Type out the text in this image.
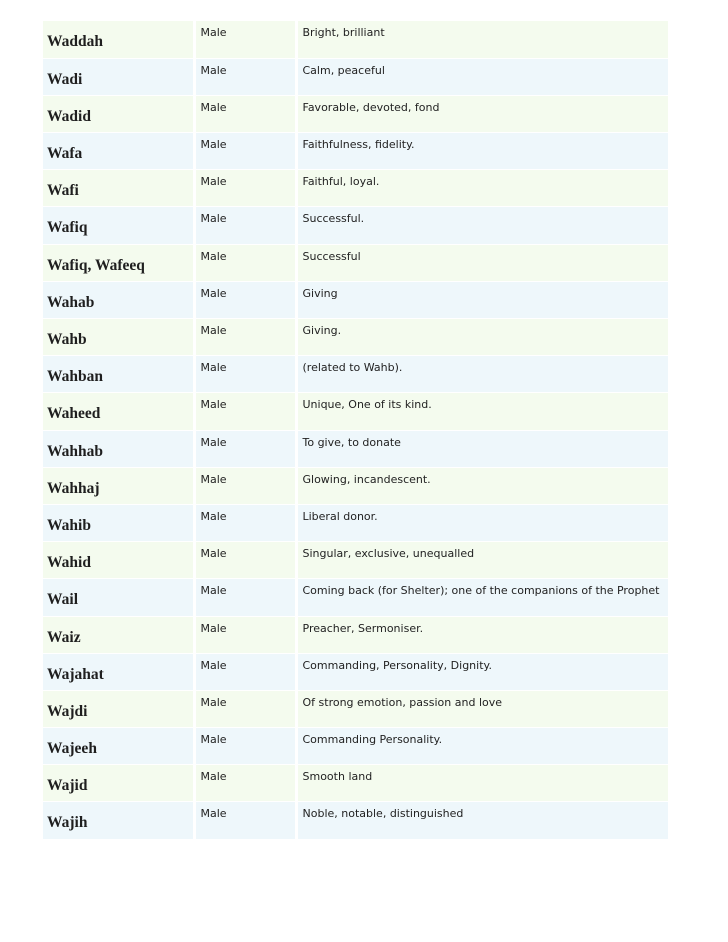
Waddah	Male	Bright, brilliant

Wadi	Male	Calm, peaceful

Wadid	Male	Favorable, devoted, fond

Wafa	Male	Faithfulness, fidelity.

Wafi	Male	Faithful, loyal.

Wafiq	Male	Successful.

Wafiq, Wafeeq	Male	Successful

Wahab	Male	Giving

Wahb	Male	Giving.

Wahban	Male	(related to Wahb).

Waheed	Male	Unique, One of its kind.

Wahhab	Male	To give, to donate

Wahhaj	Male	Glowing, incandescent.

Wahib	Male	Liberal donor.

Wahid	Male	Singular, exclusive, unequalled

Wail	Male	Coming back (for Shelter); one of the companions of the Prophet

Waiz	Male	Preacher, Sermoniser.

Wajahat	Male	Commanding, Personality, Dignity.

Wajdi	Male	Of strong emotion, passion and love

Wajeeh	Male	Commanding Personality.

Wajid	Male	Smooth land

Wajih	Male	Noble, notable, distinguished
